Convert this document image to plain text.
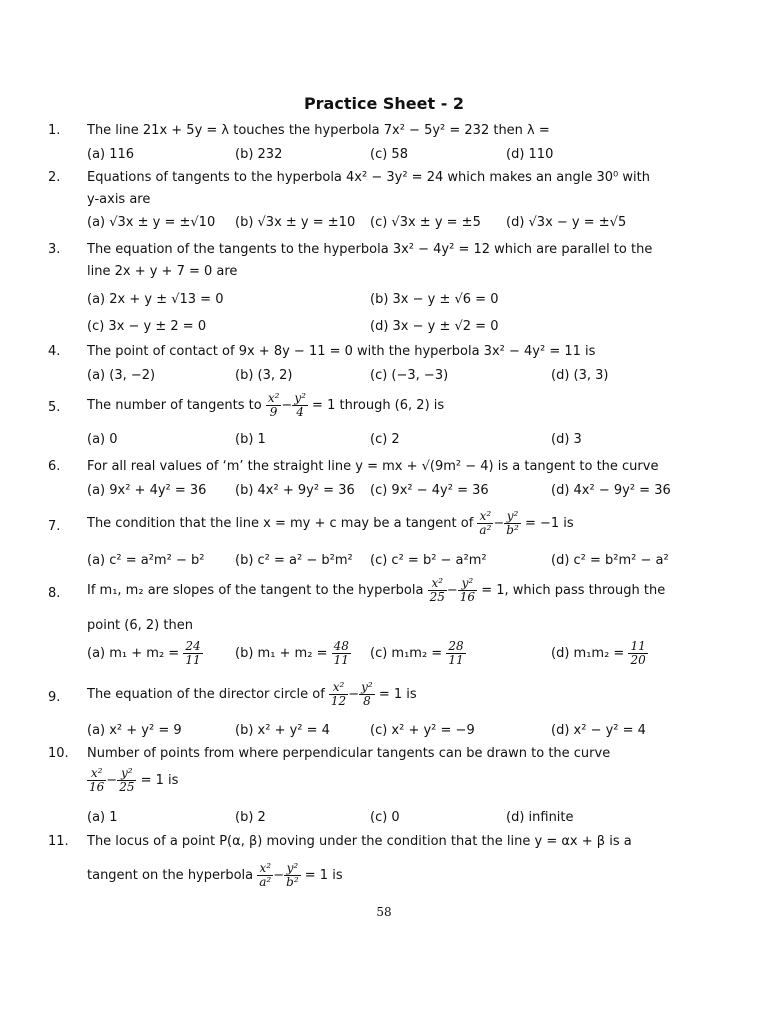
Practice Sheet - 2
1.	The line 21x + 5y = λ touches the hyperbola 7x² − 5y² = 232 then λ =
(a) 116	(b) 232	(c) 58	(d) 110
2.	Equations of tangents to the hyperbola 4x² − 3y² = 24 which makes an angle 30⁰ with
y-axis are
(a) √3x ± y = ±√10 (b) √3x ± y = ±10 (c) √3x ± y = ±5 (d) √3x − y = ±√5
3.	The equation of the tangents to the hyperbola 3x² − 4y² = 12 which are parallel to the
line 2x + y + 7 = 0 are
(a) 2x + y ± √13 = 0	(b) 3x − y ± √6 = 0
(c) 3x − y ± 2 = 0	(d) 3x − y ± √2 = 0
4.	The point of contact of 9x + 8y − 11 = 0 with the hyperbola 3x² − 4y² = 11 is
(a) (3, −2)	(b) (3, 2)	(c) (−3, −3)	(d) (3, 3)
5.	The number of tangents to $\frac{\text{x²}}{9} - \frac{\text{y²}}{4} = 1$ through (6, 2) is
(a) 0	(b) 1	(c) 2	(d) 3
6.	For all real values of ‘m’ the straight line y = mx + √(9m² − 4) is a tangent to the curve
(a) 9x² + 4y² = 36 (b) 4x² + 9y² = 36 (c) 9x² − 4y² = 36	(d) 4x² − 9y² = 36
7.	The condition that the line x = my + c may be a tangent of $\frac{\text{x²}}{\text{a²}} - \frac{\text{y²}}{\text{b²}} = -1$ is
(a) c² = a²m² − b² (b) c² = a² − b²m² (c) c² = b² − a²m²	(d) c² = b²m² − a²
8.	If m₁, m₂ are slopes of the tangent to the hyperbola $\frac{\text{x²}}{25} - \frac{\text{y²}}{16} = 1$, which pass through the
point (6, 2) then
(a) $m_1 + m_2 = \frac{24}{11} (b) m_1 + m_2 = \frac{48}{11} (c) m_1m_2 = \frac{28}{11}$	(d) $m_1m_2 = \frac{11}{20}$
9.	The equation of the director circle of $\frac{\text{x²}}{12} - \frac{\text{y²}}{8} = 1$ is
(a) x² + y² = 9	(b) x² + y² = 4	(c) x² + y² = −9	(d) x² − y² = 4
10.	Number of points from where perpendicular tangents can be drawn to the curve
$\frac{\text{x²}}{16} - \frac{\text{y²}}{25} = 1$ is
(a) 1	(b) 2	(c) 0	(d) infinite
11.	The locus of a point P(α, β) moving under the condition that the line y = αx + β is a
tangent on the hyperbola $\frac{\text{x²}}{\text{a²}} - \frac{\text{y²}}{\text{b²}} = 1$ is
58
